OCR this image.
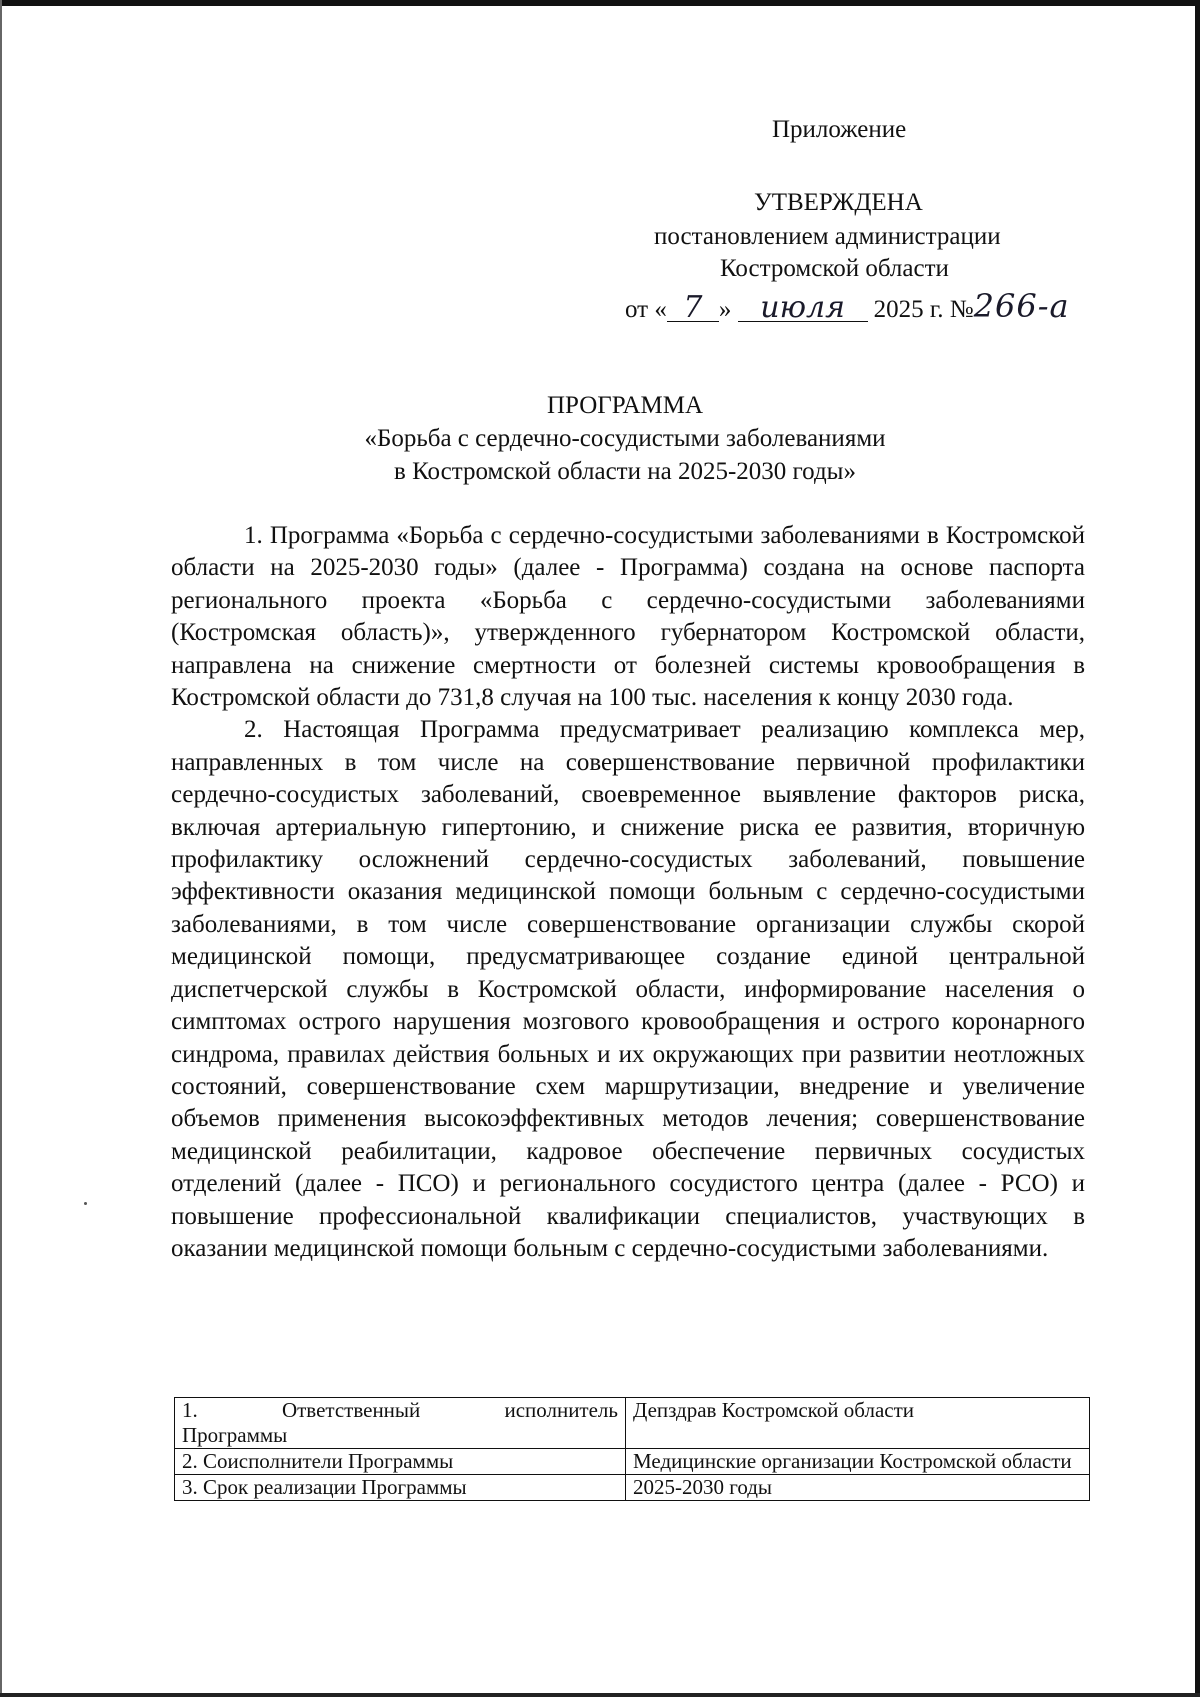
Приложение
УТВЕРЖДЕНА
постановлением администрации
Костромской области
от « 7 » июля 2025 г. №266-а
ПРОГРАММА
«Борьба с сердечно-сосудистыми заболеваниями
в Костромской области на 2025-2030 годы»

1. Программа «Борьба с сердечно-сосудистыми заболеваниями в Костромской области на 2025-2030 годы» (далее - Программа) создана на основе паспорта регионального проекта «Борьба с сердечно-сосудистыми заболеваниями (Костромская область)», утвержденного губернатором Костромской области, направлена на снижение смертности от болезней системы кровообращения в Костромской области до 731,8 случая на 100 тыс. населения к концу 2030 года.

2. Настоящая Программа предусматривает реализацию комплекса мер, направленных в том числе на совершенствование первичной профилактики сердечно-сосудистых заболеваний, своевременное выявление факторов риска, включая артериальную гипертонию, и снижение риска ее развития, вторичную профилактику осложнений сердечно-сосудистых заболеваний, повышение эффективности оказания медицинской помощи больным с сердечно-сосудистыми заболеваниями, в том числе совершенствование организации службы скорой медицинской помощи, предусматривающее создание единой центральной диспетчерской службы в Костромской области, информирование населения о симптомах острого нарушения мозгового кровообращения и острого коронарного синдрома, правилах действия больных и их окружающих при развитии неотложных состояний, совершенствование схем маршрутизации, внедрение и увеличение объемов применения высокоэффективных методов лечения; совершенствование медицинской реабилитации, кадровое обеспечение первичных сосудистых отделений (далее - ПСО) и регионального сосудистого центра (далее - РСО) и повышение профессиональной квалификации специалистов, участвующих в оказании медицинской помощи больным с сердечно-сосудистыми заболеваниями.

1. Ответственный исполнитель
Программы	Депздрав Костромской области
2. Соисполнители Программы	Медицинские организации Костромской области
3. Срок реализации Программы	2025-2030 годы
